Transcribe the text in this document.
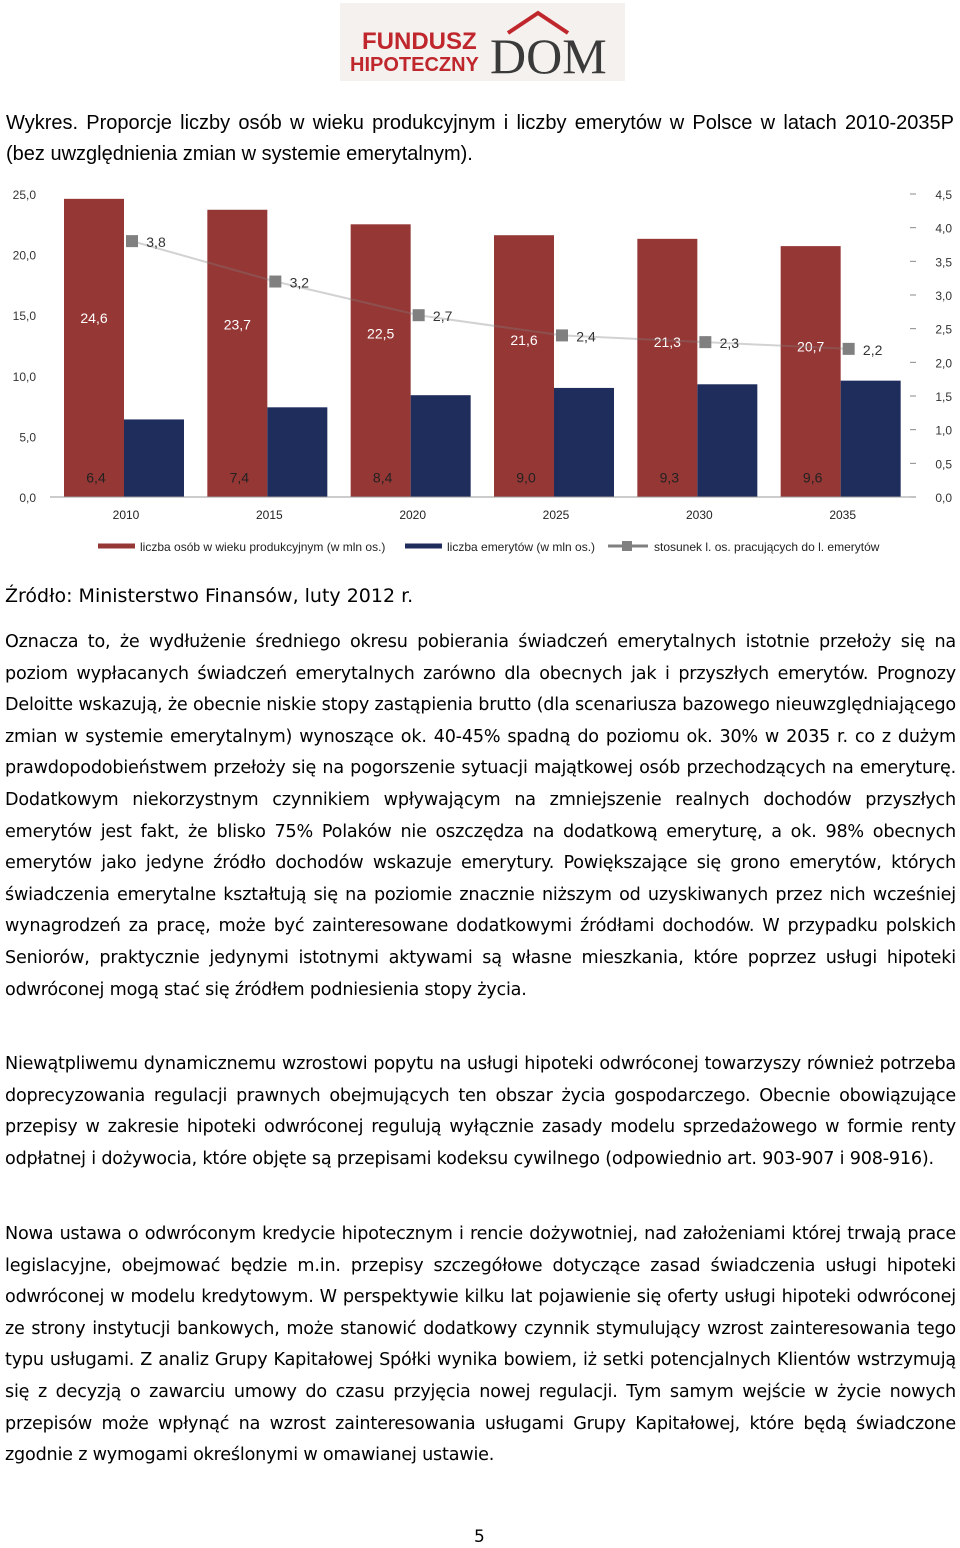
FUNDUSZ
HIPOTECZNY DOM
Wykres. Proporcje liczby osób w wieku produkcyjnym i liczby emerytów w Polsce w latach 2010-2035P (bez uwzględnienia zmian w systemie emerytalnym).
0,0
5,0
10,0
15,0
20,0
25,0
0,0
0,5
1,0
1,5
2,0
2,5
3,0
3,5
4,0
4,5
24,6
6,4
2010
23,7
7,4
2015
22,5
8,4
2020
21,6
9,0
2025
21,3
9,3
2030
20,7
9,6
2035
3,8
3,2
2,7
2,4	2,3	2,2
liczba osób w wieku produkcyjnym (w mln os.)	liczba emerytów (w mln os.)	stosunek l. os. pracujących do l. emerytów
Źródło: Ministerstwo Finansów, luty 2012 r.

Oznacza to, że wydłużenie średniego okresu pobierania świadczeń emerytalnych istotnie przełoży się na poziom wypłacanych świadczeń emerytalnych zarówno dla obecnych jak i przyszłych emerytów. Prognozy Deloitte wskazują, że obecnie niskie stopy zastąpienia brutto (dla scenariusza bazowego nieuwzględniającego zmian w systemie emerytalnym) wynoszące ok. 40-45% spadną do poziomu ok. 30% w 2035 r. co z dużym prawdopodobieństwem przełoży się na pogorszenie sytuacji majątkowej osób przechodzących na emeryturę. Dodatkowym niekorzystnym czynnikiem wpływającym na zmniejszenie realnych dochodów przyszłych emerytów jest fakt, że blisko 75% Polaków nie oszczędza na dodatkową emeryturę, a ok. 98% obecnych emerytów jako jedyne źródło dochodów wskazuje emerytury. Powiększające się grono emerytów, których świadczenia emerytalne kształtują się na poziomie znacznie niższym od uzyskiwanych przez nich wcześniej wynagrodzeń za pracę, może być zainteresowane dodatkowymi źródłami dochodów. W przypadku polskich Seniorów, praktycznie jedynymi istotnymi aktywami są własne mieszkania, które poprzez usługi hipoteki odwróconej mogą stać się źródłem podniesienia stopy życia.

Niewątpliwemu dynamicznemu wzrostowi popytu na usługi hipoteki odwróconej towarzyszy również potrzeba doprecyzowania regulacji prawnych obejmujących ten obszar życia gospodarczego. Obecnie obowiązujące przepisy w zakresie hipoteki odwróconej regulują wyłącznie zasady modelu sprzedażowego w formie renty odpłatnej i dożywocia, które objęte są przepisami kodeksu cywilnego (odpowiednio art. 903-907 i 908-916).

Nowa ustawa o odwróconym kredycie hipotecznym i rencie dożywotniej, nad założeniami której trwają prace legislacyjne, obejmować będzie m.in. przepisy szczegółowe dotyczące zasad świadczenia usługi hipoteki odwróconej w modelu kredytowym. W perspektywie kilku lat pojawienie się oferty usługi hipoteki odwróconej ze strony instytucji bankowych, może stanowić dodatkowy czynnik stymulujący wzrost zainteresowania tego typu usługami. Z analiz Grupy Kapitałowej Spółki wynika bowiem, iż setki potencjalnych Klientów wstrzymują się z decyzją o zawarciu umowy do czasu przyjęcia nowej regulacji. Tym samym wejście w życie nowych przepisów może wpłynąć na wzrost zainteresowania usługami Grupy Kapitałowej, które będą świadczone zgodnie z wymogami określonymi w omawianej ustawie.

5
